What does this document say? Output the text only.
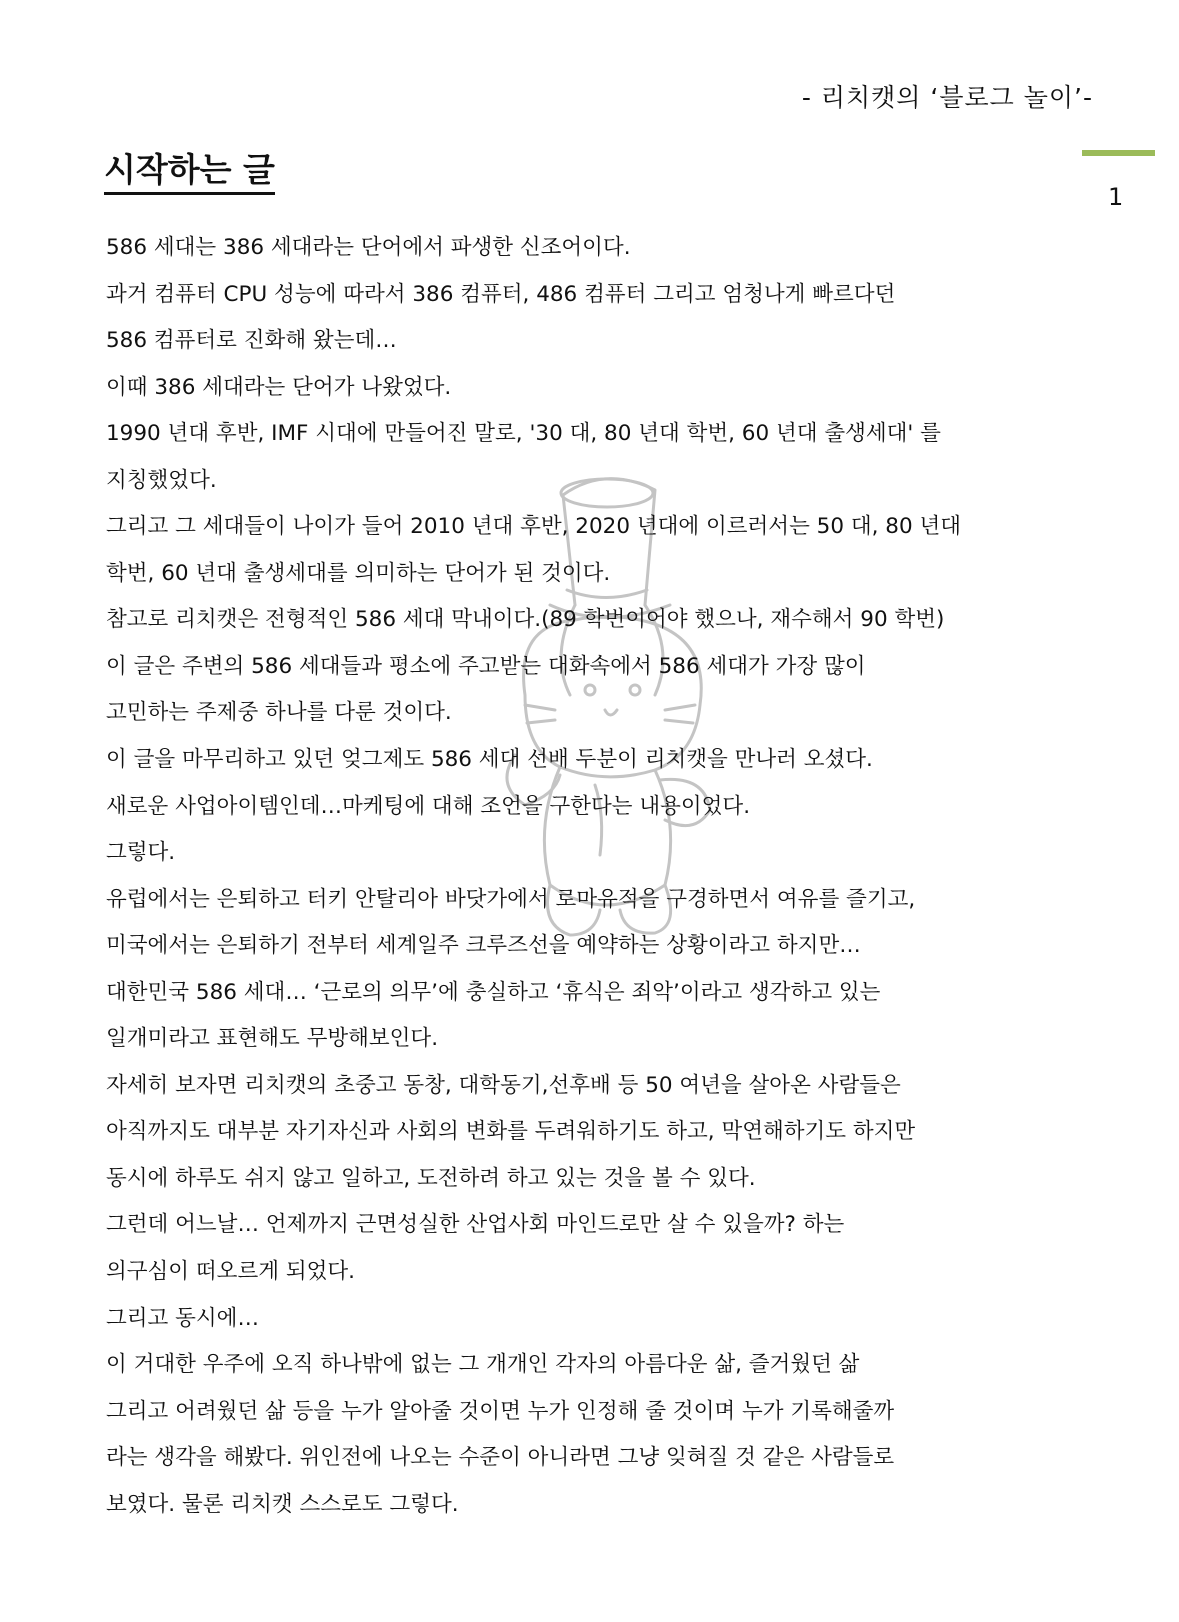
- 리치캣의 ‘블로그 놀이’-
1
시작하는 글
586 세대는 386 세대라는 단어에서 파생한 신조어이다.
과거 컴퓨터 CPU 성능에 따라서 386 컴퓨터, 486 컴퓨터 그리고 엄청나게 빠르다던
586 컴퓨터로 진화해 왔는데…
이때 386 세대라는 단어가 나왔었다.
1990 년대 후반, IMF 시대에 만들어진 말로, '30 대, 80 년대 학번, 60 년대 출생세대' 를
지칭했었다.
그리고 그 세대들이 나이가 들어 2010 년대 후반, 2020 년대에 이르러서는 50 대, 80 년대
학번, 60 년대 출생세대를 의미하는 단어가 된 것이다.
참고로 리치캣은 전형적인 586 세대 막내이다.(89 학번이어야 했으나, 재수해서 90 학번)
이 글은 주변의 586 세대들과 평소에 주고받는 대화속에서 586 세대가 가장 많이
고민하는 주제중 하나를 다룬 것이다.
이 글을 마무리하고 있던 엊그제도 586 세대 선배 두분이 리치캣을 만나러 오셨다.
새로운 사업아이템인데…마케팅에 대해 조언을 구한다는 내용이었다.
그렇다.
유럽에서는 은퇴하고 터키 안탈리아 바닷가에서 로마유적을 구경하면서 여유를 즐기고,
미국에서는 은퇴하기 전부터 세계일주 크루즈선을 예약하는 상황이라고 하지만…
대한민국 586 세대… ‘근로의 의무’에 충실하고 ‘휴식은 죄악’이라고 생각하고 있는
일개미라고 표현해도 무방해보인다.
자세히 보자면 리치캣의 초중고 동창, 대학동기,선후배 등 50 여년을 살아온 사람들은
아직까지도 대부분 자기자신과 사회의 변화를 두려워하기도 하고, 막연해하기도 하지만
동시에 하루도 쉬지 않고 일하고, 도전하려 하고 있는 것을 볼 수 있다.
그런데 어느날… 언제까지 근면성실한 산업사회 마인드로만 살 수 있을까? 하는
의구심이 떠오르게 되었다.
그리고 동시에…
이 거대한 우주에 오직 하나밖에 없는 그 개개인 각자의 아름다운 삶, 즐거웠던 삶
그리고 어려웠던 삶 등을 누가 알아줄 것이면 누가 인정해 줄 것이며 누가 기록해줄까
라는 생각을 해봤다. 위인전에 나오는 수준이 아니라면 그냥 잊혀질 것 같은 사람들로
보였다. 물론 리치캣 스스로도 그렇다.
